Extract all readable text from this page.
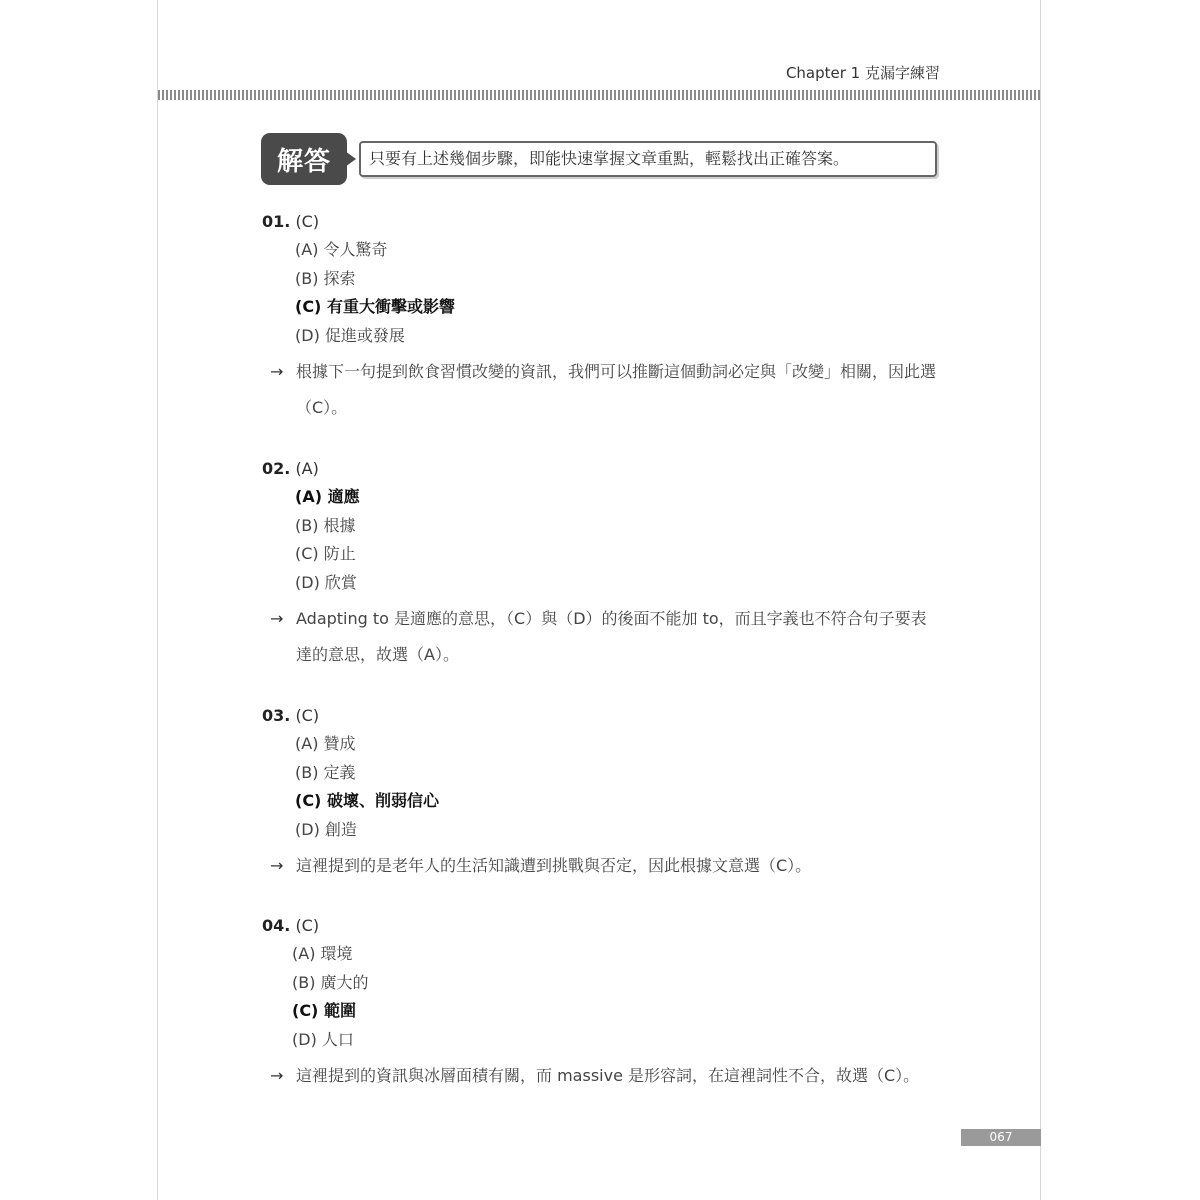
Chapter 1 克漏字練習
解答	只要有上述幾個步驟，即能快速掌握文章重點，輕鬆找出正確答案。
01. (C)
(A) 令人驚奇
(B) 探索
(C) 有重大衝擊或影響
(D) 促進或發展
→ 根據下一句提到飲食習慣改變的資訊，我們可以推斷這個動詞必定與「改變」相關，因此選（C）。
02. (A)
(A) 適應
(B) 根據
(C) 防止
(D) 欣賞
→ Adapting to 是適應的意思，（C）與（D）的後面不能加 to，而且字義也不符合句子要表達的意思，故選（A）。
03. (C)
(A) 贊成
(B) 定義
(C) 破壞、削弱信心
(D) 創造
→ 這裡提到的是老年人的生活知識遭到挑戰與否定，因此根據文意選（C）。
04. (C)
(A) 環境
(B) 廣大的
(C) 範圍
(D) 人口
→ 這裡提到的資訊與冰層面積有關，而 massive 是形容詞，在這裡詞性不合，故選（C）。
067
